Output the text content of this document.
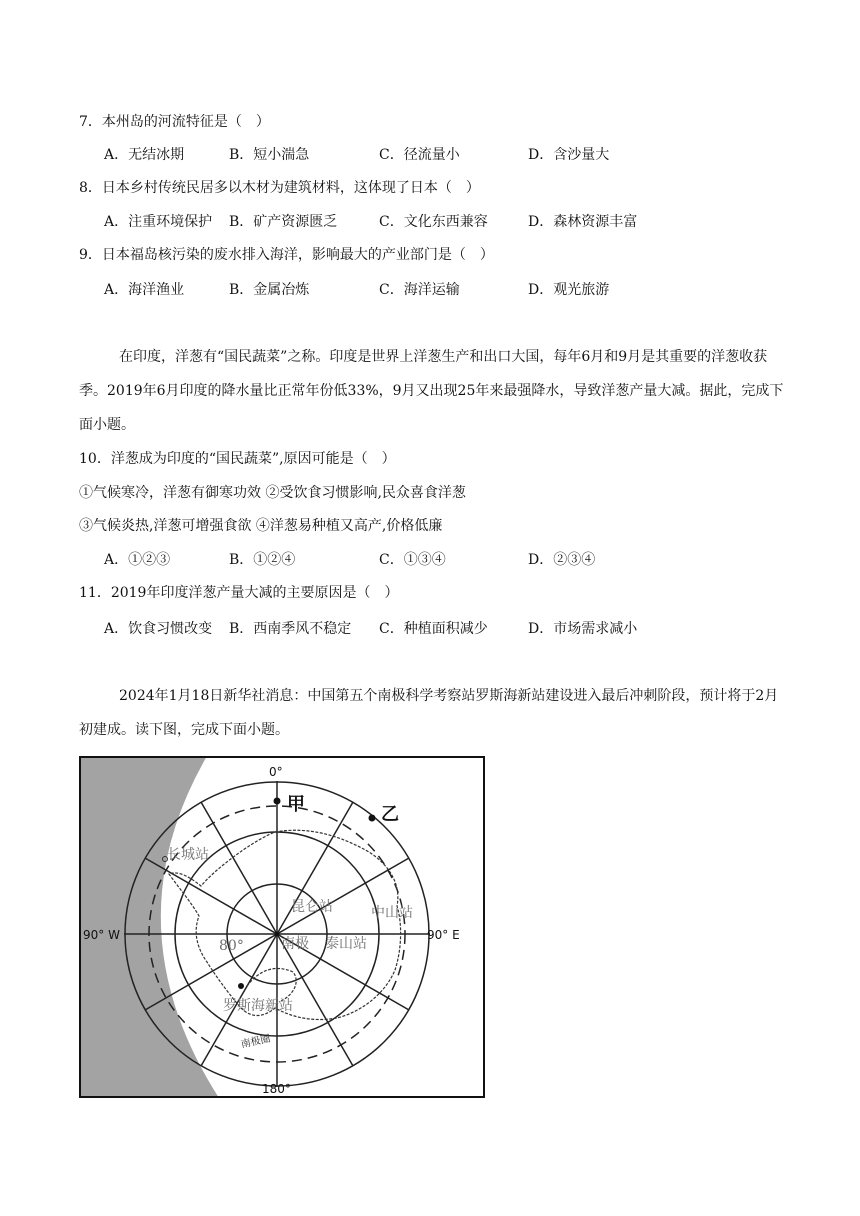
7．本州岛的河流特征是（　）
A．无结冰期	B．短小湍急	C．径流量小	D．含沙量大
8．日本乡村传统民居多以木材为建筑材料，这体现了日本（　）
A．注重环境保护 B．矿产资源匮乏	C．文化东西兼容	D．森林资源丰富
9．日本福岛核污染的废水排入海洋，影响最大的产业部门是（　）
A．海洋渔业	B．金属冶炼	C．海洋运输	D．观光旅游
在印度，洋葱有“国民蔬菜”之称。印度是世界上洋葱生产和出口大国，每年6月和9月是其重要的洋葱收获季。2019年6月印度的降水量比正常年份低33%，9月又出现25年来最强降水，导致洋葱产量大减。据此，完成下面小题。
10．洋葱成为印度的“国民蔬菜”,原因可能是（　）
①气候寒冷，洋葱有御寒功效 ②受饮食习惯影响,民众喜食洋葱
③气候炎热,洋葱可增强食欲 ④洋葱易种植又高产,价格低廉
A．①②③	B．①②④	C．①③④	D．②③④
11．2019年印度洋葱产量大减的主要原因是（　）
A．饮食习惯改变 B．西南季风不稳定 C．种植面积减少	D．市场需求减小
2024年1月18日新华社消息：中国第五个南极科学考察站罗斯海新站建设进入最后冲刺阶段，预计将于2月初建成。读下图，完成下面小题。
0°
180°
90° W	90° E
甲	乙
长城站
昆仑站	中山站
南极 泰山站
80°
罗斯海新站
南极圈
